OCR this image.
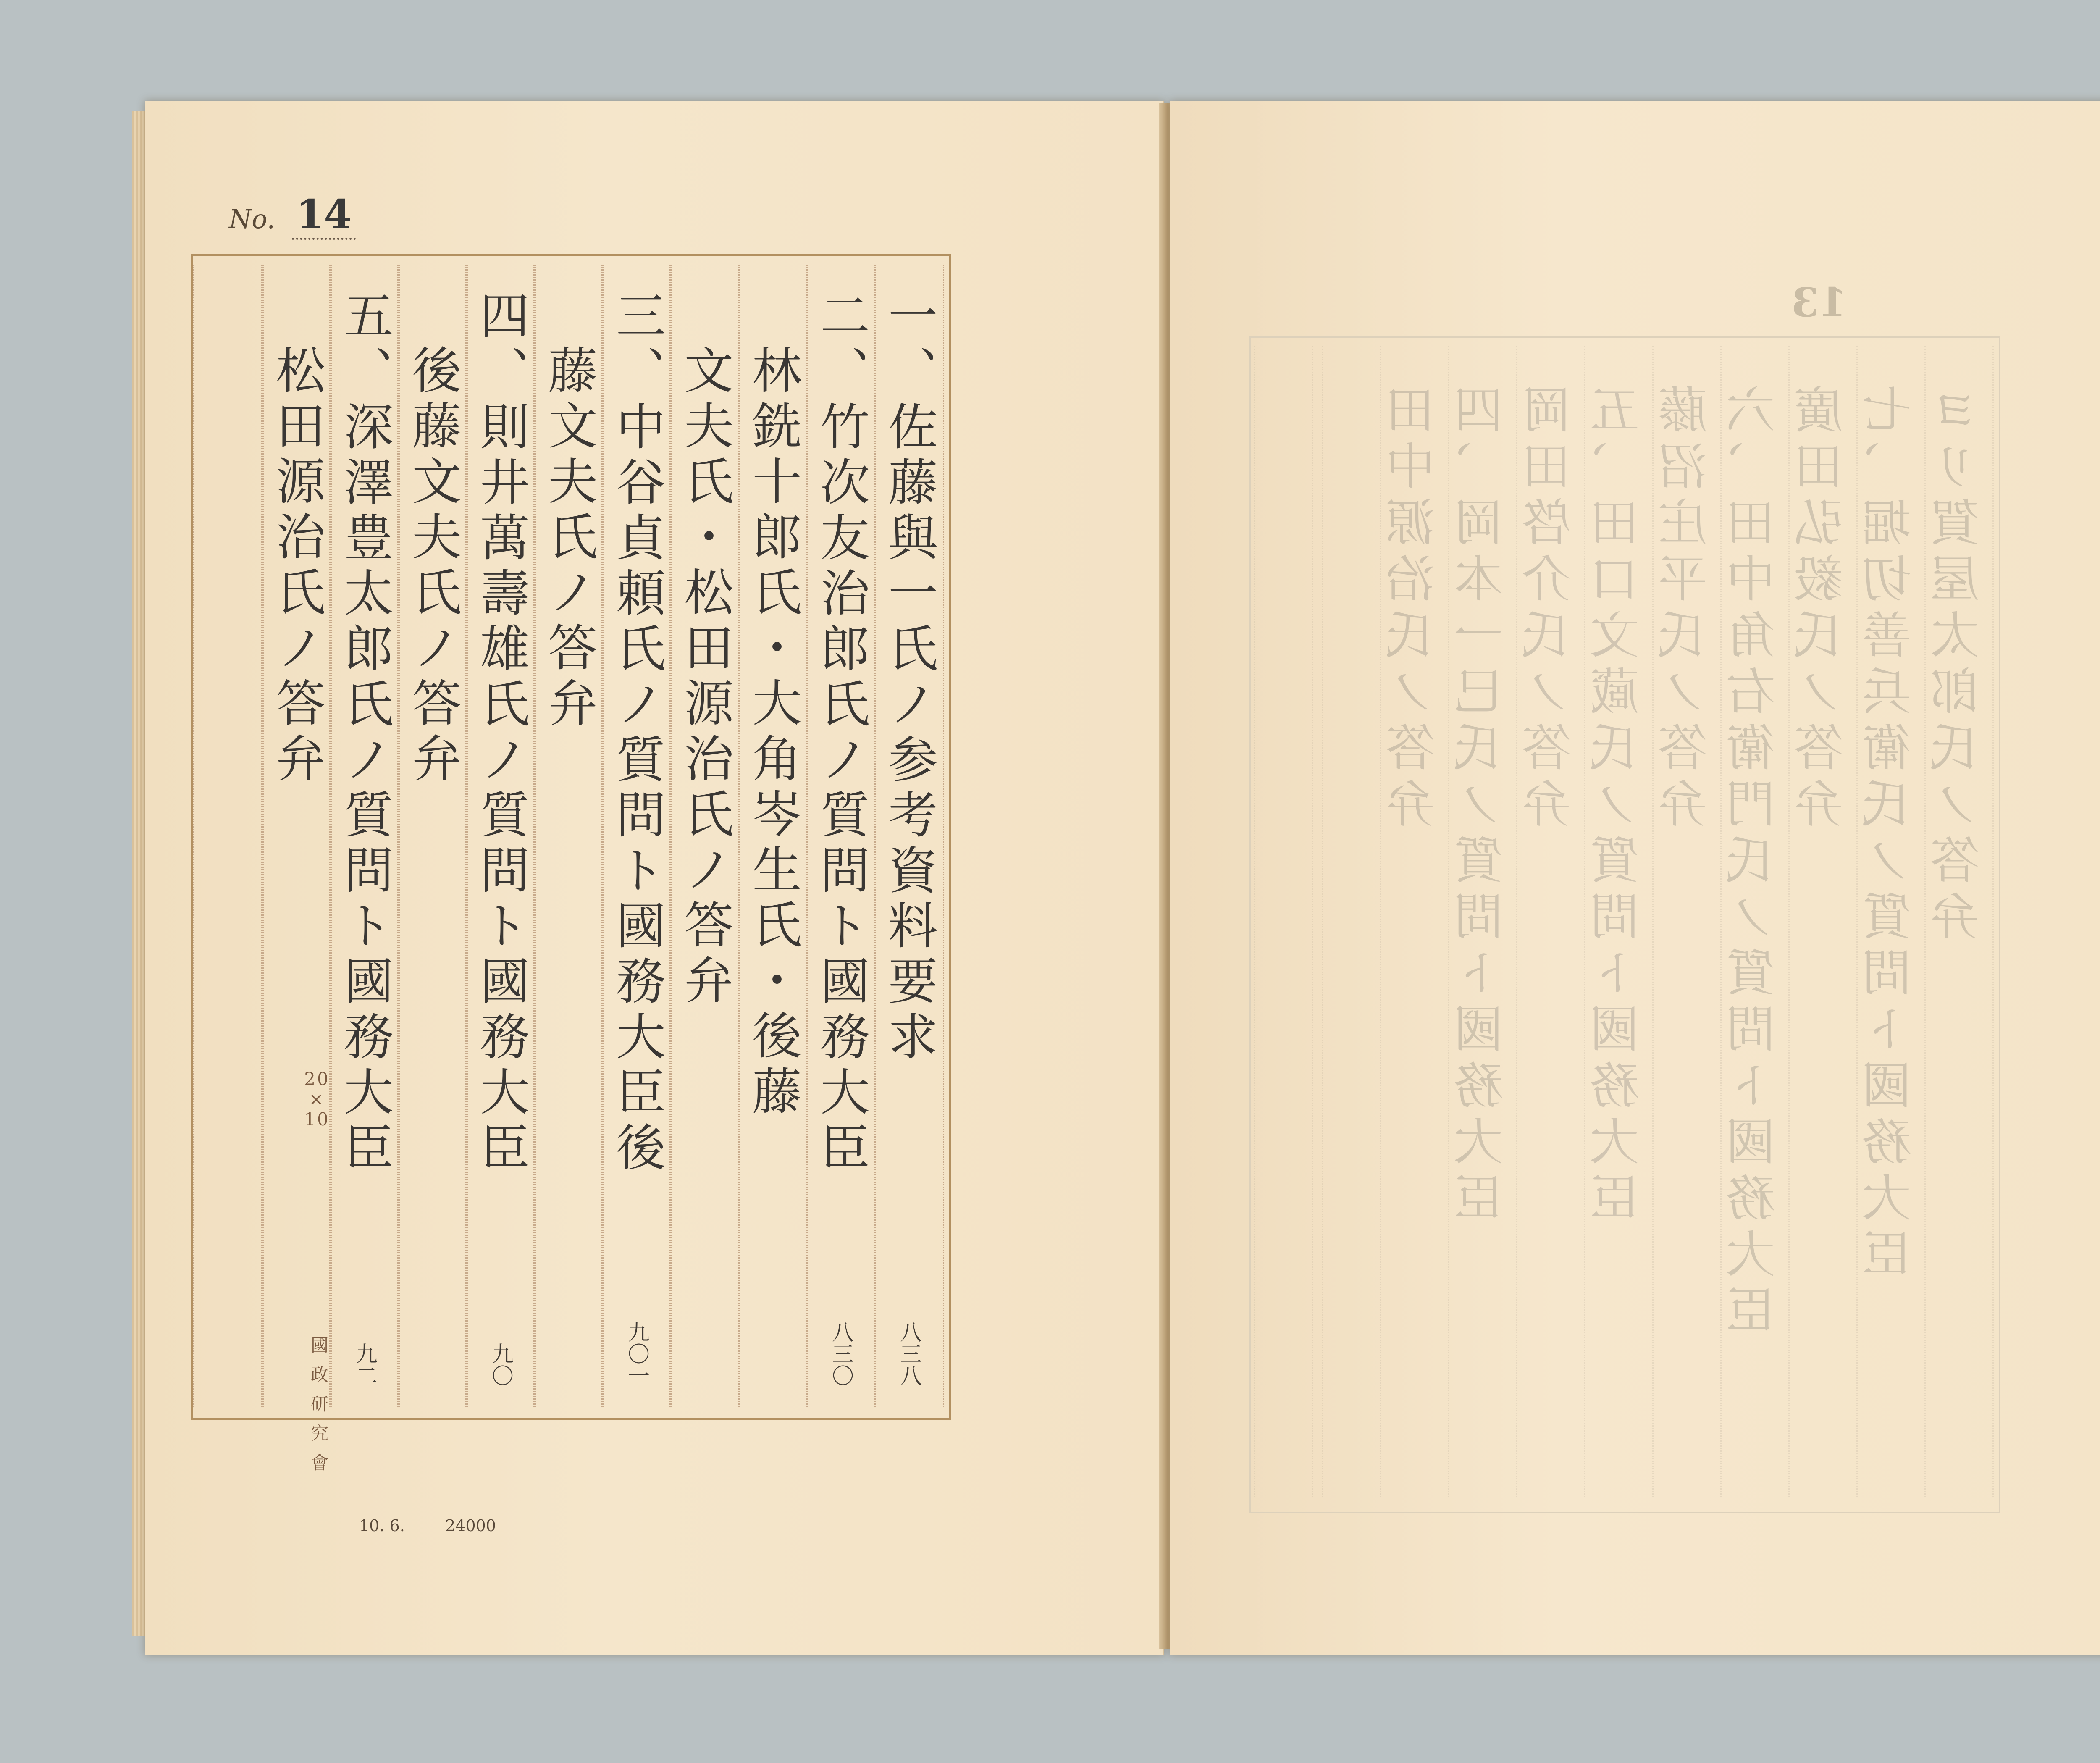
No. 14
一、佐藤與一氏ノ参考資料要求
八三八
二、竹次友治郎氏ノ質問ト國務大臣
八三〇
林銑十郎氏・大角岑生氏・後藤
文夫氏・松田源治氏ノ答弁
三、中谷貞頼氏ノ質問ト國務大臣後
九〇一
藤文夫氏ノ答弁
四、則井萬壽雄氏ノ質問ト國務大臣
九〇
後藤文夫氏ノ答弁
五、深澤豊太郎氏ノ質問ト國務大臣
九二
松田源治氏ノ答弁
20
×
10
國政研究會
10. 6.	24000
13
ヨリ賀屋太郎氏ノ答弁
七、堀切善兵衛氏ノ質問ト國務大臣
廣田弘毅氏ノ答弁
六、田中角右衛門氏ノ質問ト國務大臣
藤沼庄平氏ノ答弁
五、田口文蔵氏ノ質問ト國務大臣
岡田啓介氏ノ答弁
四、岡本一巳氏ノ質問ト國務大臣
田中源治氏ノ答弁
